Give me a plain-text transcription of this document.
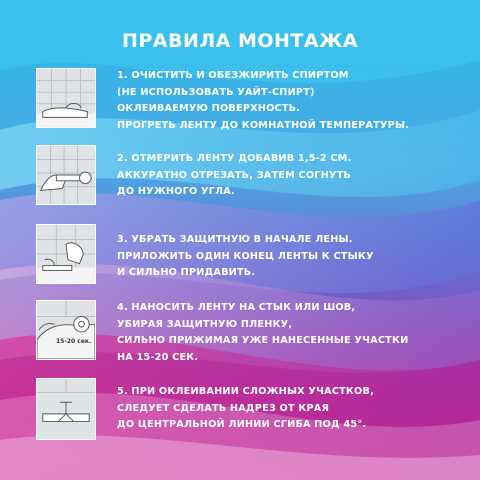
ПРАВИЛА МОНТАЖА
1. ОЧИСТИТЬ И ОБЕЗЖИРИТЬ СПИРТОМ
(НЕ ИСПОЛЬЗОВАТЬ УАЙТ-СПИРТ)
ОКЛЕИВАЕМУЮ ПОВЕРХНОСТЬ.
ПРОГРЕТЬ ЛЕНТУ ДО КОМНАТНОЙ ТЕМПЕРАТУРЫ.
2. ОТМЕРИТЬ ЛЕНТУ ДОБАВИВ 1,5-2 СМ.
АККУРАТНО ОТРЕЗАТЬ, ЗАТЕМ СОГНУТЬ
ДО НУЖНОГО УГЛА.
3. УБРАТЬ ЗАЩИТНУЮ В НАЧАЛЕ ЛЕНЫ.
ПРИЛОЖИТЬ ОДИН КОНЕЦ ЛЕНТЫ К СТЫКУ
И СИЛЬНО ПРИДАВИТЬ.
15-20 сек.
4. НАНОСИТЬ ЛЕНТУ НА СТЫК ИЛИ ШОВ,
УБИРАЯ ЗАЩИТНУЮ ПЛЕНКУ,
СИЛЬНО ПРИЖИМАЯ УЖЕ НАНЕСЕННЫЕ УЧАСТКИ
НА 15-20 СЕК.
5. ПРИ ОКЛЕИВАНИИ СЛОЖНЫХ УЧАСТКОВ,
СЛЕДУЕТ СДЕЛАТЬ НАДРЕЗ ОТ КРАЯ
ДО ЦЕНТРАЛЬНОЙ ЛИНИИ СГИБА ПОД 45°.
